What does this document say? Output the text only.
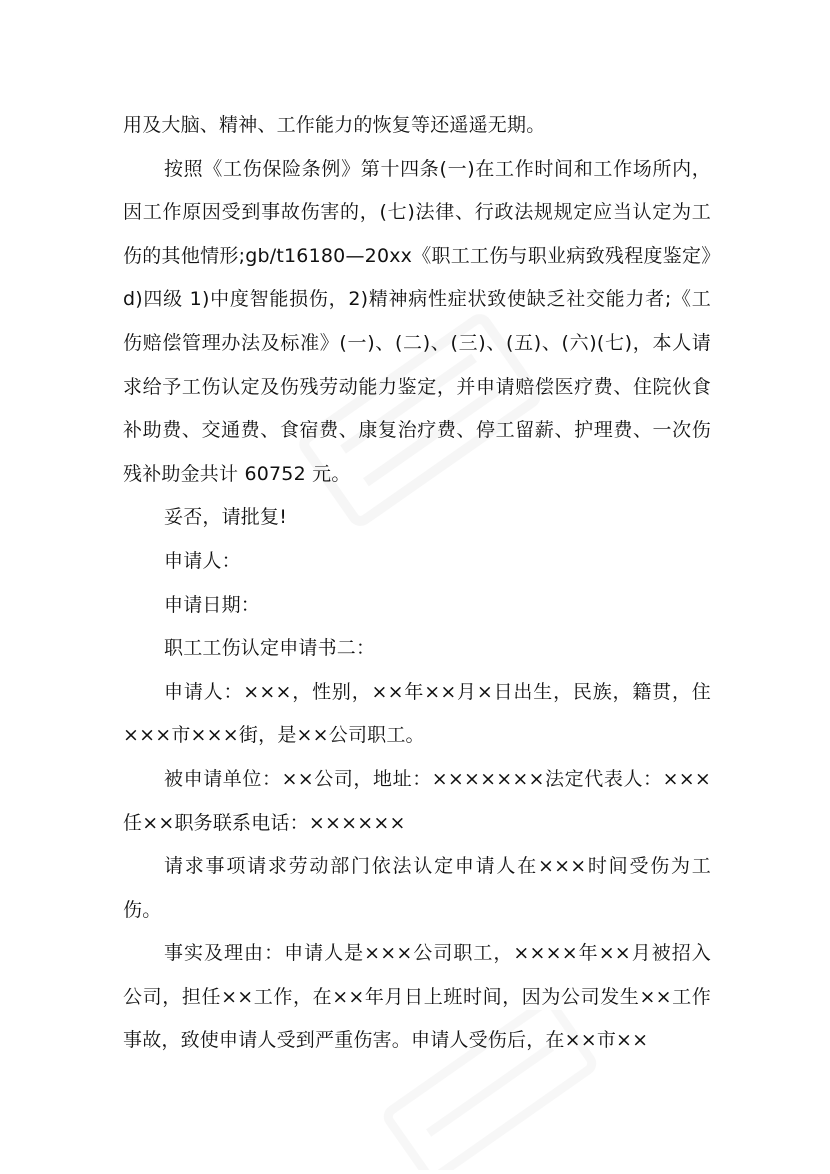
用及大脑、精神、工作能力的恢复等还遥遥无期。

按照《工伤保险条例》第十四条(一)在工作时间和工作场所内，因工作原因受到事故伤害的，(七)法律、行政法规规定应当认定为工伤的其他情形;gb/t16180—20xx《职工工伤与职业病致残程度鉴定》d)四级 1)中度智能损伤，2)精神病性症状致使缺乏社交能力者;《工伤赔偿管理办法及标准》(一)、(二)、(三)、(五)、(六)(七)，本人请求给予工伤认定及伤残劳动能力鉴定，并申请赔偿医疗费、住院伙食补助费、交通费、食宿费、康复治疗费、停工留薪、护理费、一次伤残补助金共计 60752 元。

妥否，请批复!

申请人：

申请日期：

职工工伤认定申请书二：

申请人：×××，性别，××年××月×日出生，民族，籍贯，住×××市×××街，是××公司职工。

被申请单位：××公司，地址：×××××××法定代表人：×××任××职务联系电话：××××××

请求事项请求劳动部门依法认定申请人在×××时间受伤为工伤。

事实及理由：申请人是×××公司职工，××××年××月被招入公司，担任××工作，在××年月日上班时间，因为公司发生××工作事故，致使申请人受到严重伤害。申请人受伤后，在××市××
